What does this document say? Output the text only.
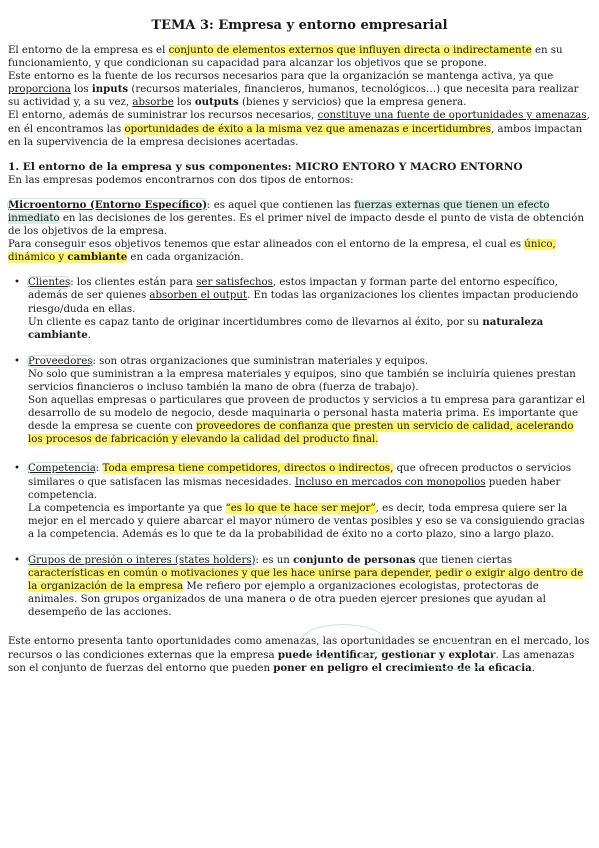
TEMA 3: Empresa y entorno empresarial

El entorno de la empresa es el conjunto de elementos externos que influyen directa o indirectamente en su funcionamiento, y que condicionan su capacidad para alcanzar los objetivos que se propone.

Este entorno es la fuente de los recursos necesarios para que la organización se mantenga activa, ya que proporciona los inputs (recursos materiales, financieros, humanos, tecnológicos…) que necesita para realizar su actividad y, a su vez, absorbe los outputs (bienes y servicios) que la empresa genera.

El entorno, además de suministrar los recursos necesarios, constituye una fuente de oportunidades y amenazas, en él encontramos las oportunidades de éxito a la misma vez que amenazas e incertidumbres, ambos impactan en la supervivencia de la empresa decisiones acertadas.

1. El entorno de la empresa y sus componentes: MICRO ENTORO Y MACRO ENTORNO

En las empresas podemos encontrarnos con dos tipos de entornos:

Microentorno (Entorno Específico): es aquel que contienen las fuerzas externas que tienen un efecto inmediato en las decisiones de los gerentes. Es el primer nivel de impacto desde el punto de vista de obtención de los objetivos de la empresa.

Para conseguir esos objetivos tenemos que estar alineados con el entorno de la empresa, el cual es único, dinámico y cambiante en cada organización.

• Clientes: los clientes están para ser satisfechos, estos impactan y forman parte del entorno específico, además de ser quienes absorben el output. En todas las organizaciones los clientes impactan produciendo riesgo/duda en ellas.

Un cliente es capaz tanto de originar incertidumbres como de llevarnos al éxito, por su naturaleza cambiante.

• Proveedores: son otras organizaciones que suministran materiales y equipos.

No solo que suministran a la empresa materiales y equipos, sino que también se incluiría quienes prestan servicios financieros o incluso también la mano de obra (fuerza de trabajo).

Son aquellas empresas o particulares que proveen de productos y servicios a tu empresa para garantizar el desarrollo de su modelo de negocio, desde maquinaria o personal hasta materia prima. Es importante que desde la empresa se cuente con proveedores de confianza que presten un servicio de calidad, acelerando los procesos de fabricación y elevando la calidad del producto final.

• Competencia: Toda empresa tiene competidores, directos o indirectos, que ofrecen productos o servicios similares o que satisfacen las mismas necesidades. Incluso en mercados con monopolios pueden haber competencia.

La competencia es importante ya que “es lo que te hace ser mejor”, es decir, toda empresa quiere ser la mejor en el mercado y quiere abarcar el mayor número de ventas posibles y eso se va consiguiendo gracias a la competencia. Además es lo que te da la probabilidad de éxito no a corto plazo, sino a largo plazo.

• Grupos de presión o interes (states holders): es un conjunto de personas que tienen ciertas características en común o motivaciones y que les hace unirse para depender, pedir o exigir algo dentro de la organización de la empresa Me refiero por ejemplo a organizaciones ecologistas, protectoras de animales. Son grupos organizados de una manera o de otra pueden ejercer presiones que ayudan al desempeño de las acciones.

Este entorno presenta tanto oportunidades como amenazas, las oportunidades se encuentran en el mercado, los recursos o las condiciones externas que la empresa puede identificar, gestionar y explotar. Las amenazas son el conjunto de fuerzas del entorno que pueden poner en peligro el crecimiento de la eficacia.
